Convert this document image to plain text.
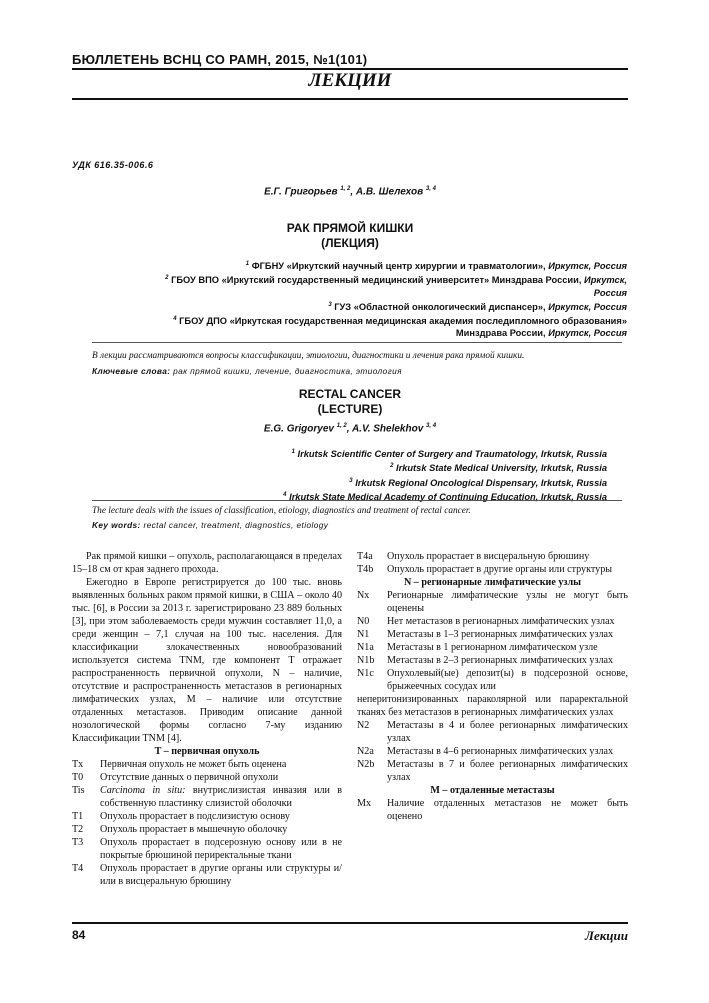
БЮЛЛЕТЕНЬ ВСНЦ СО РАМН, 2015, №1(101)
ЛЕКЦИИ
УДК 616.35-006.6
Е.Г. Григорьев $^{1, 2}$, А.В. Шелехов $^{3, 4}$
РАК ПРЯМОЙ КИШКИ
(ЛЕКЦИЯ)
$^1$ ФГБНУ «Иркутский научный центр хирургии и травматологии», Иркутск, Россия
$^2$ ГБОУ ВПО «Иркутский государственный медицинский университет» Минздрава России, Иркутск,
Россия
$^3$ ГУЗ «Областной онкологический диспансер», Иркутск, Россия
$^4$ ГБОУ ДПО «Иркутская государственная медицинская академия последипломного образования»
Минздрава России, Иркутск, Россия
В лекции рассматриваются вопросы классификации, этиологии, диагностики и лечения рака прямой кишки.
Ключевые слова: рак прямой кишки, лечение, диагностика, этиология
RECTAL CANCER
(LECTURE)
E.G. Grigoryev $^{1, 2}$, A.V. Shelekhov $^{3, 4}$
$^1$ Irkutsk Scientific Center of Surgery and Traumatology, Irkutsk, Russia
$^2$ Irkutsk State Medical University, Irkutsk, Russia
$^3$ Irkutsk Regional Oncological Dispensary, Irkutsk, Russia
$^4$ Irkutsk State Medical Academy of Continuing Education, Irkutsk, Russia
The lecture deals with the issues of classification, etiology, diagnostics and treatment of rectal cancer.
Key words: rectal cancer, treatment, diagnostics, etiology

Рак прямой кишки – опухоль, располагающаяся в пределах 15–18 см от края заднего прохода.

Ежегодно в Европе регистрируется до 100 тыс. вновь выявленных больных раком прямой кишки, в США – около 40 тыс. [6], в России за 2013 г. зарегистрировано 23 889 больных [3], при этом заболеваемость среди мужчин составляет 11,0, а среди женщин – 7,1 случая на 100 тыс. населения. Для классификации злокачественных новообразований используется система TNM, где компонент T отражает распространенность первичной опухоли, N – наличие, отсутствие и распространенность метастазов в регионарных лимфатических узлах, M – наличие или отсутствие отдаленных метастазов. Приводим описание данной нозологической формы согласно 7-му изданию Классификации TNM [4].

T – первичная опухоль
Tx	Первичная опухоль не может быть оценена
T0	Отсутствие данных о первичной опухоли
Tis	Carcinoma in situ: внутрислизистая инвазия или в собственную пластинку слизистой оболочки
T1	Опухоль прорастает в подслизистую основу
T2	Опухоль прорастает в мышечную оболочку
T3	Опухоль прорастает в подсерозную основу или в не покрытые брюшиной периректальные ткани
T4	Опухоль прорастает в другие органы или структуры и/или в висцеральную брюшину
T4a	Опухоль прорастает в висцеральную брюшину
T4b	Опухоль прорастает в другие органы или структуры
N – регионарные лимфатические узлы
Nx	Регионарные лимфатические узлы не могут быть оценены
N0	Нет метастазов в регионарных лимфатических узлах
N1	Метастазы в 1–3 регионарных лимфатических узлах
N1a	Метастазы в 1 регионарном лимфатическом узле
N1b	Метастазы в 2–3 регионарных лимфатических узлах
N1c	Опухолевый(ые) депозит(ы) в подсерозной основе, брыжеечных сосудах или
неперитонизированных параколярной или параректальной тканях без метастазов в регионарных лимфатических узлах
N2	Метастазы в 4 и более регионарных лимфатических узлах
N2a	Метастазы в 4–6 регионарных лимфатических узлах
N2b	Метастазы в 7 и более регионарных лимфатических узлах
M – отдаленные метастазы
Mx	Наличие отдаленных метастазов не может быть оценено
84	Лекции
